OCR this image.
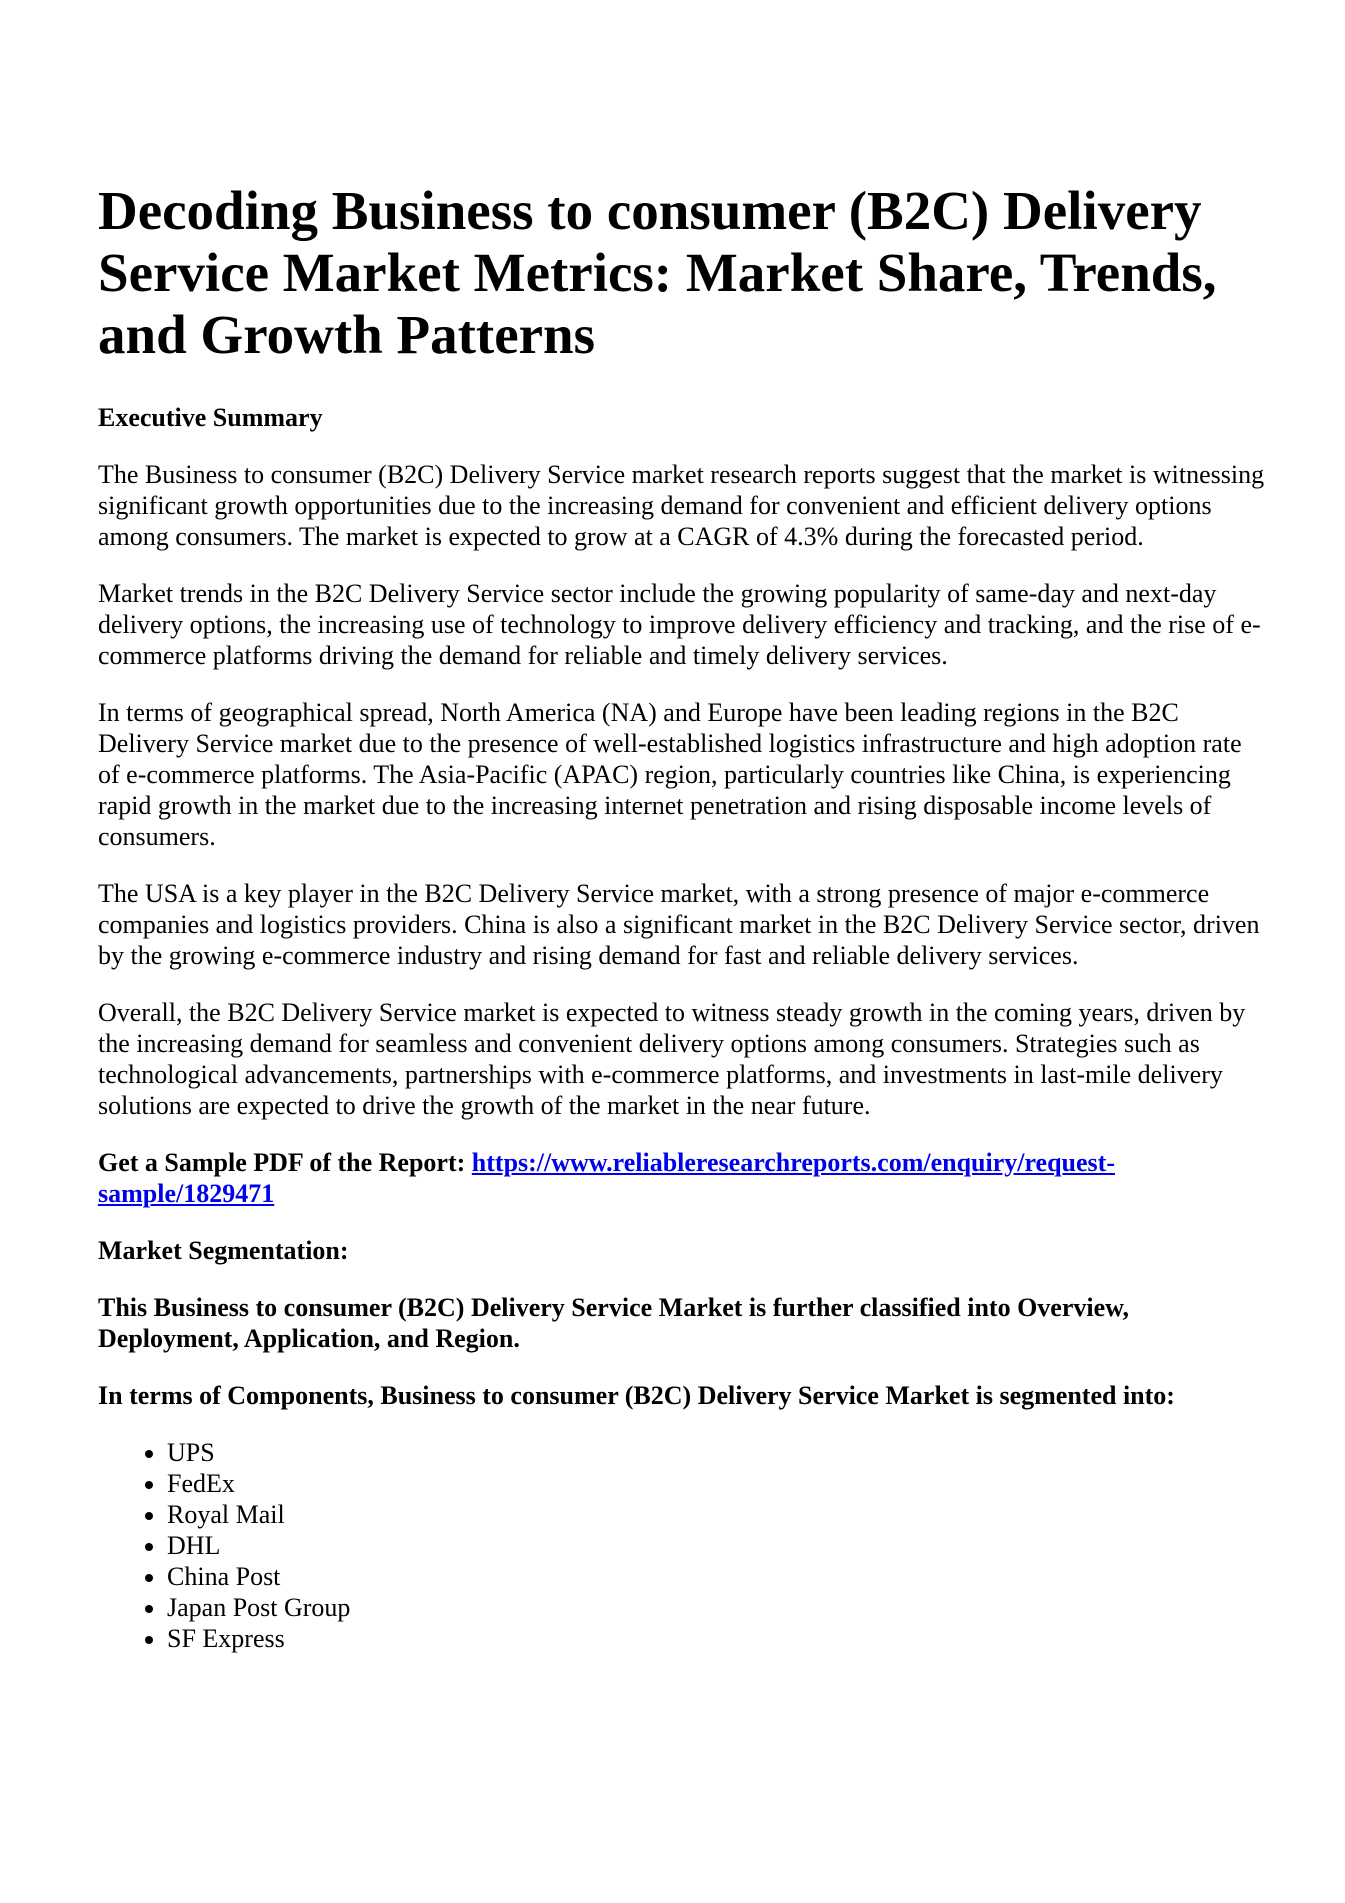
Decoding Business to consumer (B2C) Delivery Service Market Metrics: Market Share, Trends, and Growth Patterns
Executive Summary

The Business to consumer (B2C) Delivery Service market research reports suggest that the market is witnessing significant growth opportunities due to the increasing demand for convenient and efficient delivery options among consumers. The market is expected to grow at a CAGR of 4.3% during the forecasted period.

Market trends in the B2C Delivery Service sector include the growing popularity of same-day and next-day delivery options, the increasing use of technology to improve delivery efficiency and tracking, and the rise of e-commerce platforms driving the demand for reliable and timely delivery services.

In terms of geographical spread, North America (NA) and Europe have been leading regions in the B2C Delivery Service market due to the presence of well-established logistics infrastructure and high adoption rate of e-commerce platforms. The Asia-Pacific (APAC) region, particularly countries like China, is experiencing rapid growth in the market due to the increasing internet penetration and rising disposable income levels of consumers.

The USA is a key player in the B2C Delivery Service market, with a strong presence of major e-commerce companies and logistics providers. China is also a significant market in the B2C Delivery Service sector, driven by the growing e-commerce industry and rising demand for fast and reliable delivery services.

Overall, the B2C Delivery Service market is expected to witness steady growth in the coming years, driven by the increasing demand for seamless and convenient delivery options among consumers. Strategies such as technological advancements, partnerships with e-commerce platforms, and investments in last-mile delivery solutions are expected to drive the growth of the market in the near future.

Get a Sample PDF of the Report: https://www.reliableresearchreports.com/enquiry/request-sample/1829471

Market Segmentation:
This Business to consumer (B2C) Delivery Service Market is further classified into Overview, Deployment, Application, and Region.
In terms of Components, Business to consumer (B2C) Delivery Service Market is segmented into:
• UPS
• FedEx
• Royal Mail
• DHL
• China Post
• Japan Post Group
• SF Express
